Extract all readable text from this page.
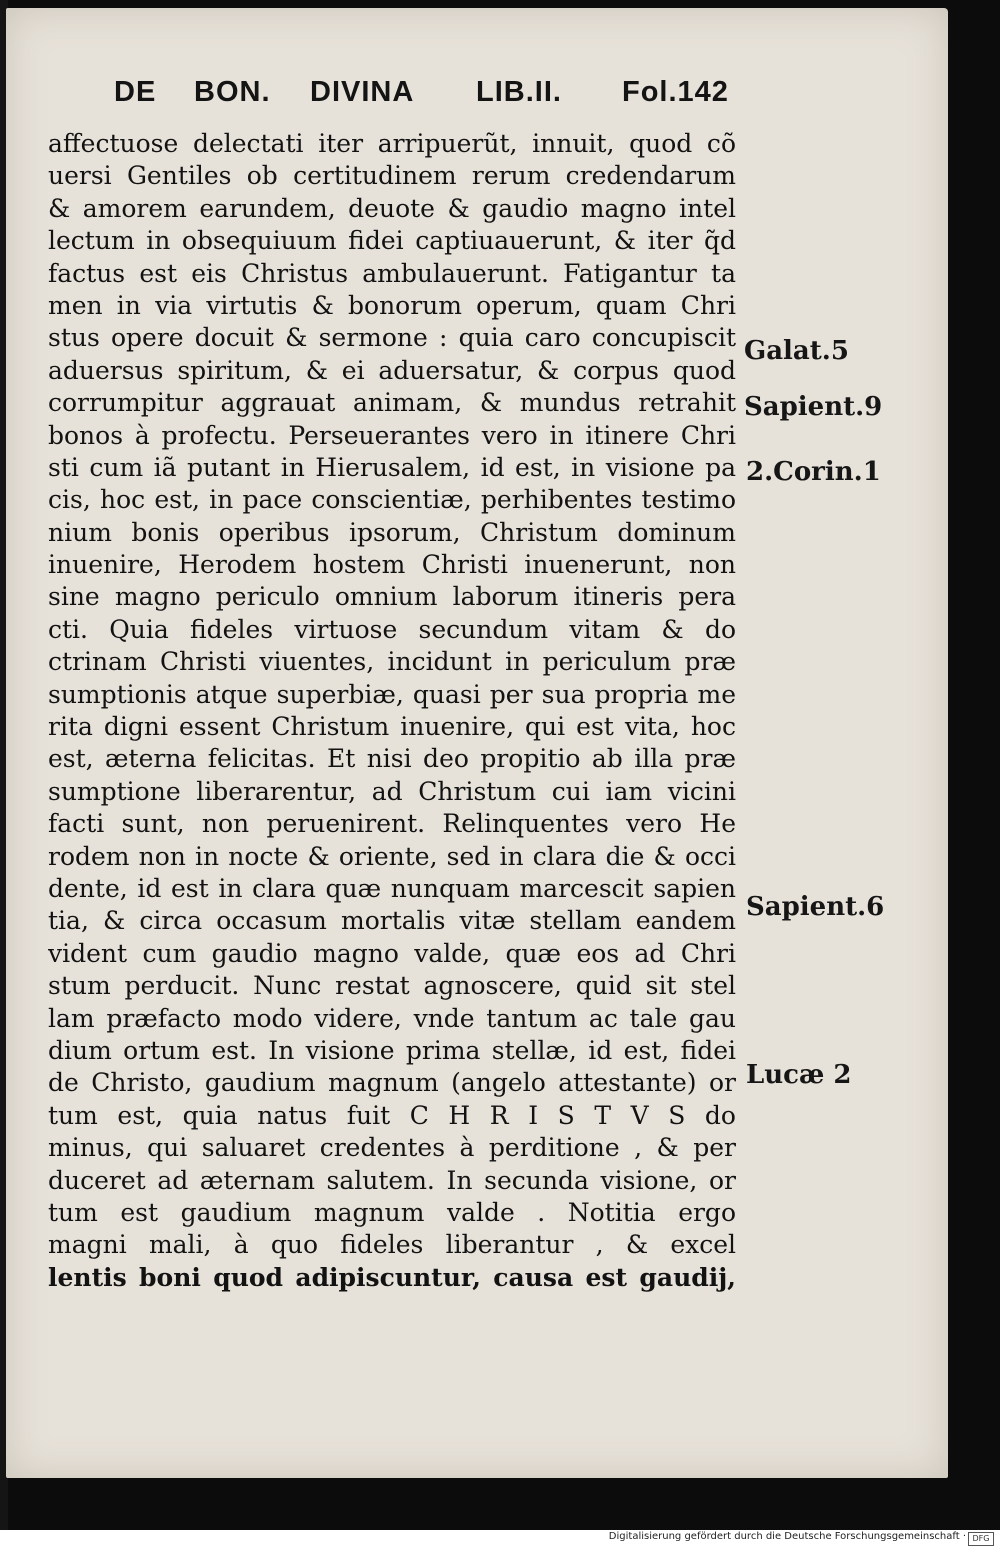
DE BON. DIVINA LIB.II. Fol.142
affectuose delectati iter arripuerũt, innuit, quod cõ
uersi Gentiles ob certitudinem rerum credendarum
& amorem earundem, deuote & gaudio magno intel
lectum in obsequiuum fidei captiuauerunt, & iter q̃d
factus est eis Christus ambulauerunt. Fatigantur ta
men in via virtutis & bonorum operum, quam Chri
stus opere docuit & sermone : quia caro concupiscit
aduersus spiritum, & ei aduersatur, & corpus quod
corrumpitur aggrauat animam, & mundus retrahit
bonos à profectu. Perseuerantes vero in itinere Chri
sti cum iã putant in Hierusalem, id est, in visione pa
cis, hoc est, in pace conscientiæ, perhibentes testimo
nium bonis operibus ipsorum, Christum dominum
inuenire, Herodem hostem Christi inuenerunt, non
sine magno periculo omnium laborum itineris pera
cti. Quia fideles virtuose secundum vitam & do
ctrinam Christi viuentes, incidunt in periculum præ
sumptionis atque superbiæ, quasi per sua propria me
rita digni essent Christum inuenire, qui est vita, hoc
est, æterna felicitas. Et nisi deo propitio ab illa præ
sumptione liberarentur, ad Christum cui iam vicini
facti sunt, non peruenirent. Relinquentes vero He
rodem non in nocte & oriente, sed in clara die & occi
dente, id est in clara quæ nunquam marcescit sapien
tia, & circa occasum mortalis vitæ stellam eandem
vident cum gaudio magno valde, quæ eos ad Chri
stum perducit. Nunc restat agnoscere, quid sit stel
lam præfacto modo videre, vnde tantum ac tale gau
dium ortum est. In visione prima stellæ, id est, fidei
de Christo, gaudium magnum (angelo attestante) or
tum est, quia natus fuit C H R I S T V S do
minus, qui saluaret credentes à perditione , & per
duceret ad æternam salutem. In secunda visione, or
tum est gaudium magnum valde . Notitia ergo
magni mali, à quo fideles liberantur , & excel
lentis boni quod adipiscuntur, causa est gaudij,
Galat.5
Sapient.9
2.Corin.1
Sapient.6
Lucæ 2
Digitalisierung gefördert durch die Deutsche Forschungsgemeinschaft · DFG
